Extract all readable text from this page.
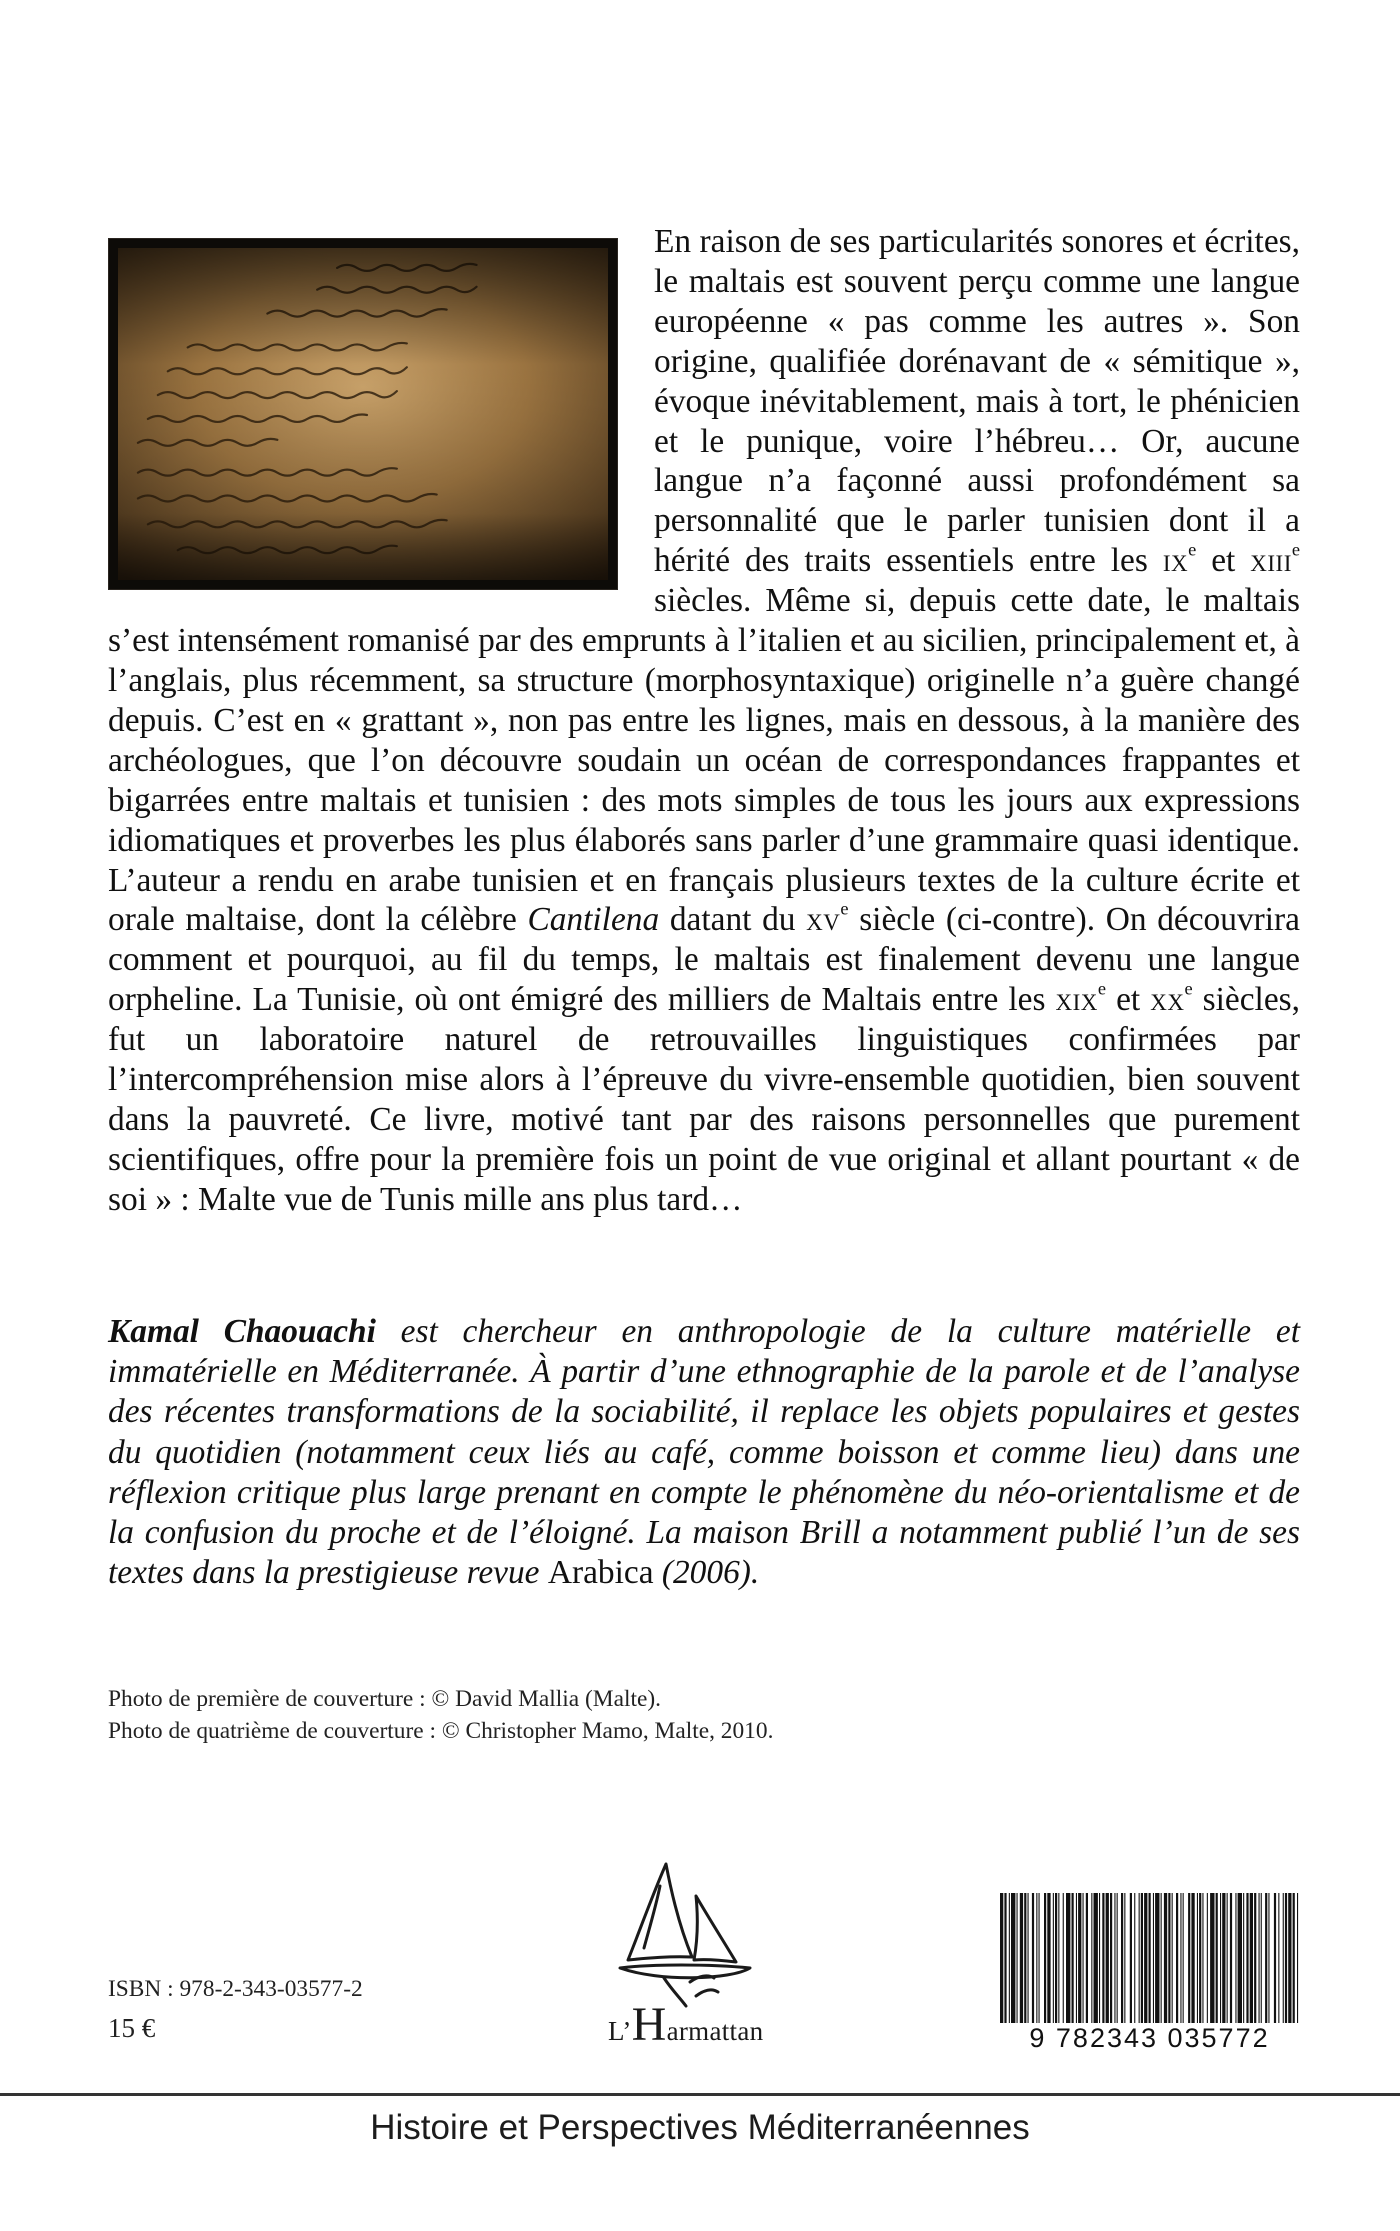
En raison de ses particularités sonores et écrites, le maltais est souvent perçu comme une langue européenne « pas comme les autres ». Son origine, qualifiée dorénavant de « sémitique », évoque inévitablement, mais à tort, le phénicien et le punique, voire l’hébreu… Or, aucune langue n’a façonné aussi profondément sa personnalité que le parler tunisien dont il a hérité des traits essentiels entre les $ix^e$ et xiii$^e$ siècles. Même si, depuis cette date, le maltais s’est intensément romanisé par des emprunts à l’italien et au sicilien, principalement et, à l’anglais, plus récemment, sa structure (morphosyntaxique) originelle n’a guère changé depuis. C’est en « grattant », non pas entre les lignes, mais en dessous, à la manière des archéologues, que l’on découvre soudain un océan de correspondances frappantes et bigarrées entre maltais et tunisien : des mots simples de tous les jours aux expressions idiomatiques et proverbes les plus élaborés sans parler d’une grammaire quasi identique. L’auteur a rendu en arabe tunisien et en français plusieurs textes de la culture écrite et orale maltaise, dont la célèbre Cantilena datant du $xv^e$ siècle (ci-contre). On découvrira comment et pourquoi, au fil du temps, le maltais est finalement devenu une langue orpheline. La Tunisie, où ont émigré des milliers de Maltais entre les xix$^e$ et $xx^e$ siècles, fut un laboratoire naturel de retrouvailles linguistiques confirmées par l’intercompréhension mise alors à l’épreuve du vivre-ensemble quotidien, bien souvent dans la pauvreté. Ce livre, motivé tant par des raisons personnelles que purement scientifiques, offre pour la première fois un point de vue original et allant pourtant « de soi » : Malte vue de Tunis mille ans plus tard…
Kamal Chaouachi est chercheur en anthropologie de la culture matérielle et immatérielle en Méditerranée. À partir d’une ethnographie de la parole et de l’analyse des récentes transformations de la sociabilité, il replace les objets populaires et gestes du quotidien (notamment ceux liés au café, comme boisson et comme lieu) dans une réflexion critique plus large prenant en compte le phénomène du néo-orientalisme et de la confusion du proche et de l’éloigné. La maison Brill a notamment publié l’un de ses textes dans la prestigieuse revue Arabica (2006).
Photo de première de couverture : © David Mallia (Malte).
Photo de quatrième de couverture : © Christopher Mamo, Malte, 2010.
ISBN : 978-2-343-03577-2
15 €	L’Harmattan	9 782343 035772
Histoire et Perspectives Méditerranéennes
